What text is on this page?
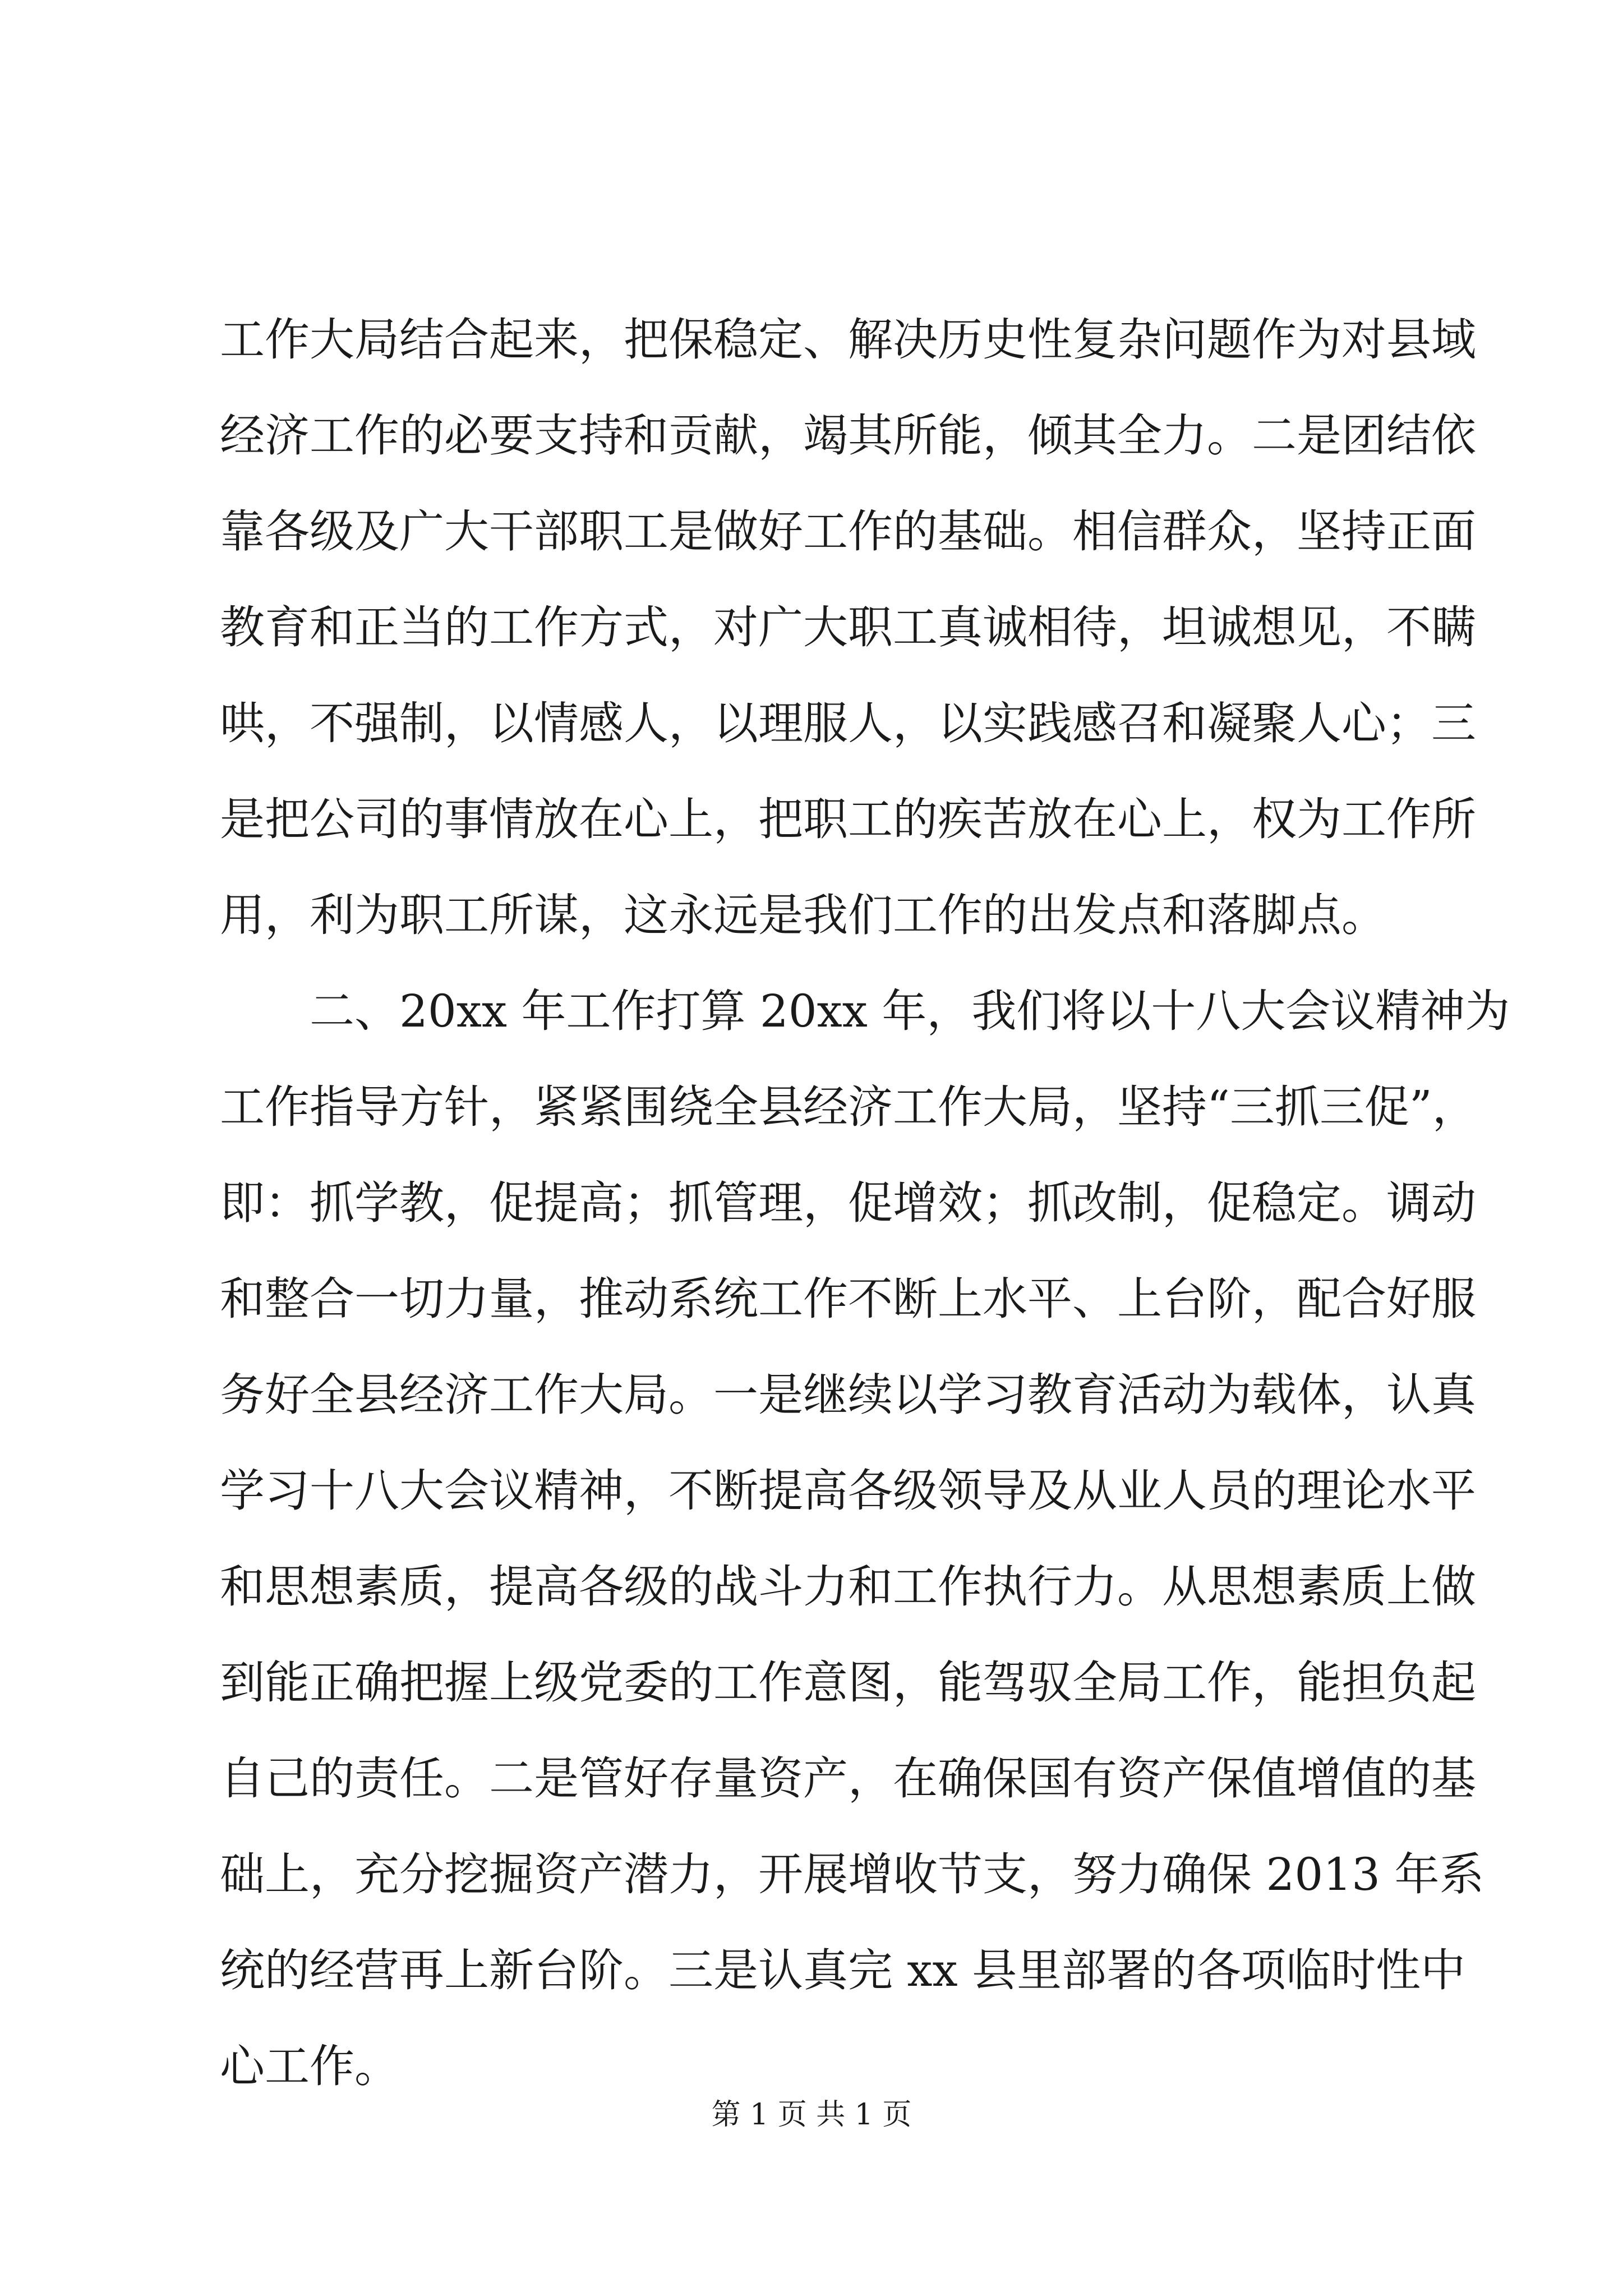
工作大局结合起来，把保稳定、解决历史性复杂问题作为对县域
经济工作的必要支持和贡献，竭其所能，倾其全力。二是团结依
靠各级及广大干部职工是做好工作的基础。相信群众，坚持正面
教育和正当的工作方式，对广大职工真诚相待，坦诚想见，不瞒
哄，不强制，以情感人，以理服人，以实践感召和凝聚人心；三
是把公司的事情放在心上，把职工的疾苦放在心上，权为工作所
用，利为职工所谋，这永远是我们工作的出发点和落脚点。
　　二、20xx 年工作打算 20xx 年，我们将以十八大会议精神为
工作指导方针，紧紧围绕全县经济工作大局，坚持“三抓三促”，
即：抓学教，促提高；抓管理，促增效；抓改制，促稳定。调动
和整合一切力量，推动系统工作不断上水平、上台阶，配合好服
务好全县经济工作大局。一是继续以学习教育活动为载体，认真
学习十八大会议精神，不断提高各级领导及从业人员的理论水平
和思想素质，提高各级的战斗力和工作执行力。从思想素质上做
到能正确把握上级党委的工作意图，能驾驭全局工作，能担负起
自己的责任。二是管好存量资产，在确保国有资产保值增值的基
础上，充分挖掘资产潜力，开展增收节支，努力确保 2013 年系
统的经营再上新台阶。三是认真完 xx 县里部署的各项临时性中
心工作。
第 1 页 共 1 页
